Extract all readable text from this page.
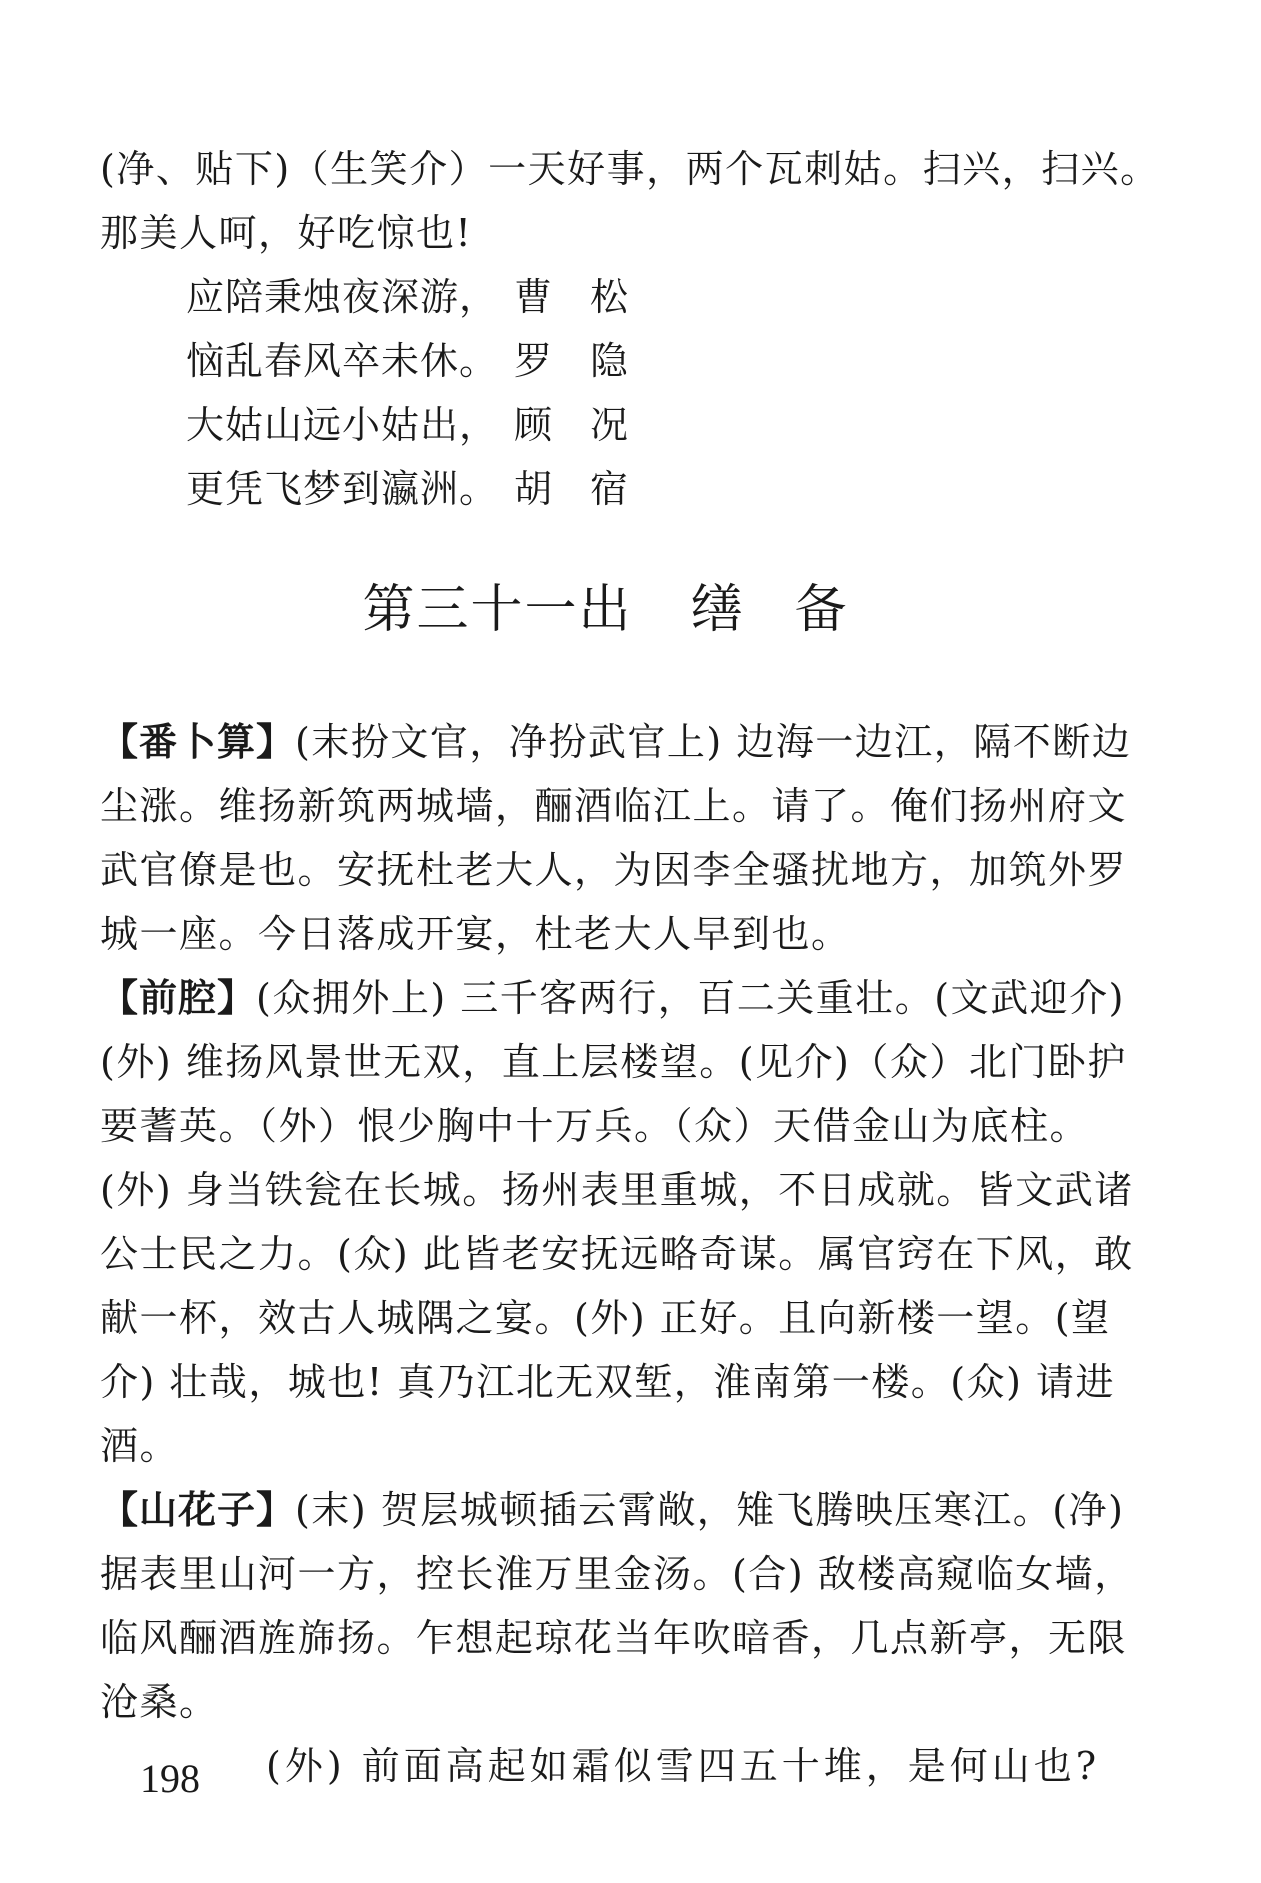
(净、贴下)（生笑介）一天好事，两个瓦刺姑。扫兴，扫兴。
那美人呵，好吃惊也!
应陪秉烛夜深游， 曹松
恼乱春风卒未休。 罗隐
大姑山远小姑出， 顾况
更凭飞梦到瀛洲。 胡宿
第三十一出 缮备
【番卜算】(末扮文官，净扮武官上) 边海一边江，隔不断边
尘涨。维扬新筑两城墙，酾酒临江上。请了。俺们扬州府文
武官僚是也。安抚杜老大人，为因李全骚扰地方，加筑外罗
城一座。今日落成开宴，杜老大人早到也。
【前腔】(众拥外上) 三千客两行，百二关重壮。(文武迎介)
(外) 维扬风景世无双，直上层楼望。(见介)（众）北门卧护
要蓍英。（外）恨少胸中十万兵。（众）天借金山为底柱。
(外) 身当铁瓮在长城。扬州表里重城，不日成就。皆文武诸
公士民之力。(众) 此皆老安抚远略奇谋。属官窍在下风，敢
献一杯，效古人城隅之宴。(外) 正好。且向新楼一望。(望
介) 壮哉，城也! 真乃江北无双堑，淮南第一楼。(众) 请进
酒。
【山花子】(末) 贺层城顿插云霄敞，雉飞腾映压寒江。(净)
据表里山河一方，控长淮万里金汤。(合) 敌楼高窥临女墙，
临风酾酒旌旆扬。乍想起琼花当年吹暗香，几点新亭，无限
沧桑。
(外) 前面高起如霜似雪四五十堆，是何山也?
198
